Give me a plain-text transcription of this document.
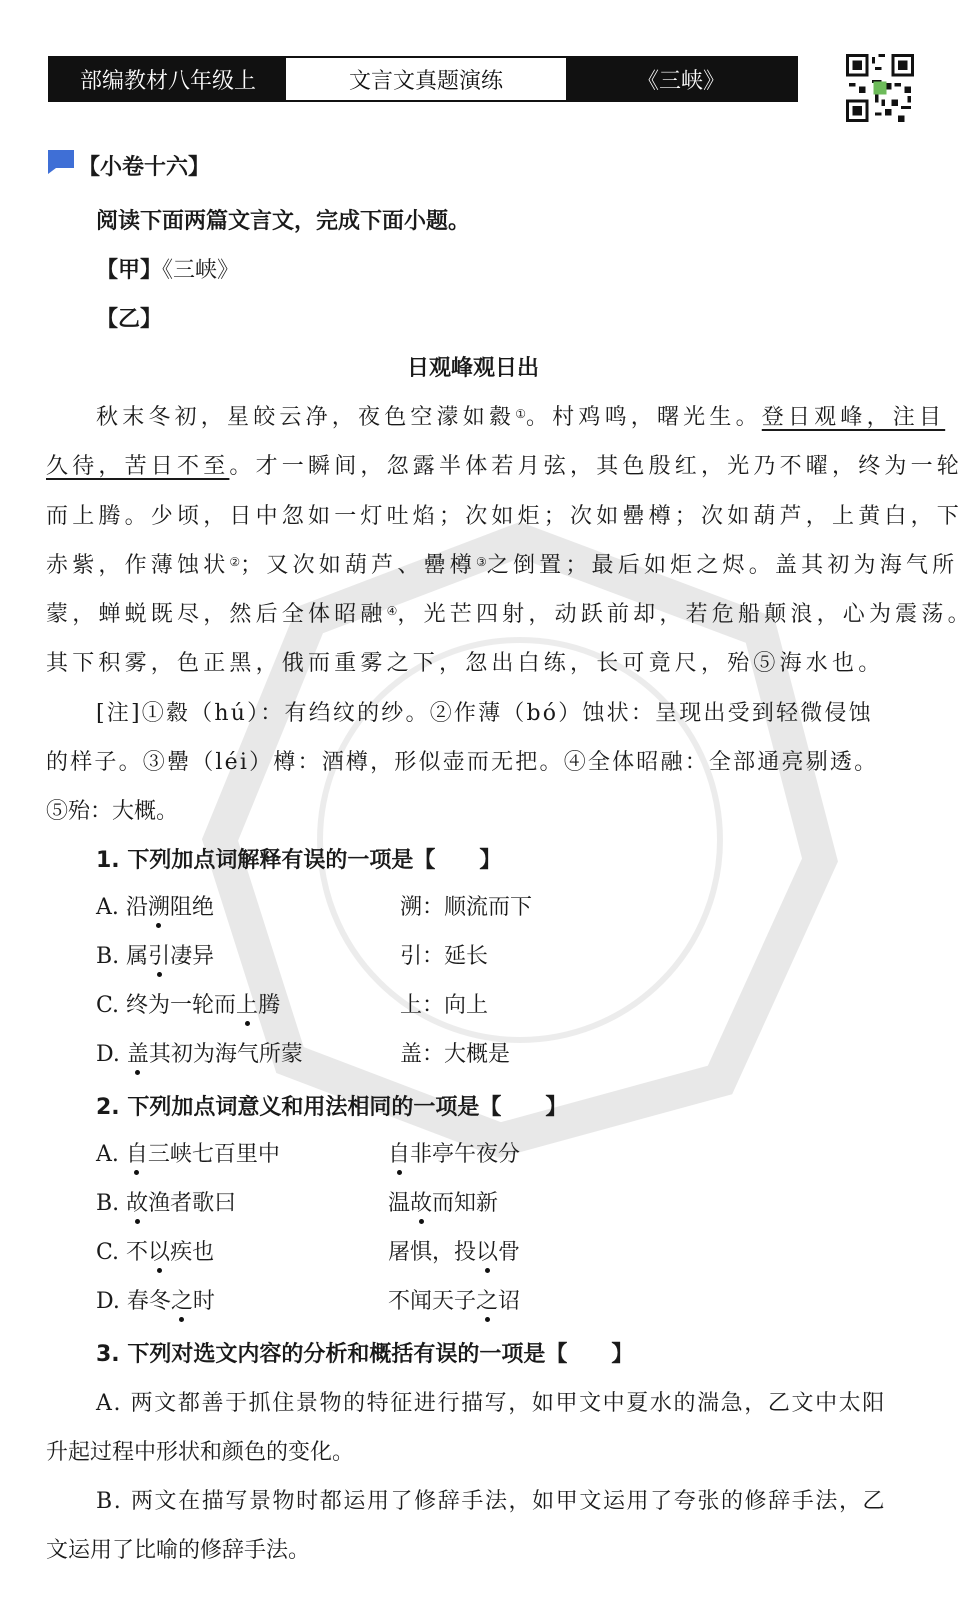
部编教材八年级上	文言文真题演练	《三峡》
【小卷十六】
阅读下面两篇文言文，完成下面小题。
【甲】《三峡》
【乙】
日观峰观日出
秋末冬初，星皎云净，夜色空濛如縠①。村鸡鸣，曙光生。登日观峰，注目
久待，苦日不至。才一瞬间，忽露半体若月弦，其色殷红，光乃不曜，终为一轮
而上腾。少顷，日中忽如一灯吐焰；次如炬；次如罍樽；次如葫芦，上黄白，下
赤紫，作薄蚀状②；又次如葫芦、罍樽③之倒置；最后如炬之烬。盖其初为海气所
蒙，蝉蜕既尽，然后全体昭融④，光芒四射，动跃前却，若危船颠浪，心为震荡。
其下积雾，色正黑，俄而重雾之下，忽出白练，长可竟尺，殆⑤海水也。
[注]①縠（hú）：有绉纹的纱。②作薄（bó）蚀状：呈现出受到轻微侵蚀
的样子。③罍（léi）樽：酒樽，形似壶而无把。④全体昭融：全部通亮剔透。
⑤殆：大概。
1. 下列加点词解释有误的一项是【　　】
A. 沿溯阻绝	溯：顺流而下
B. 属引凄异	引：延长
C. 终为一轮而上腾	上：向上
D. 盖其初为海气所蒙	盖：大概是
2. 下列加点词意义和用法相同的一项是【　　】
A. 自三峡七百里中	自非亭午夜分
B. 故渔者歌曰	温故而知新
C. 不以疾也	屠惧，投以骨
D. 春冬之时	不闻天子之诏
3. 下列对选文内容的分析和概括有误的一项是【　　】
A. 两文都善于抓住景物的特征进行描写，如甲文中夏水的湍急，乙文中太阳
升起过程中形状和颜色的变化。
B. 两文在描写景物时都运用了修辞手法，如甲文运用了夸张的修辞手法，乙
文运用了比喻的修辞手法。
